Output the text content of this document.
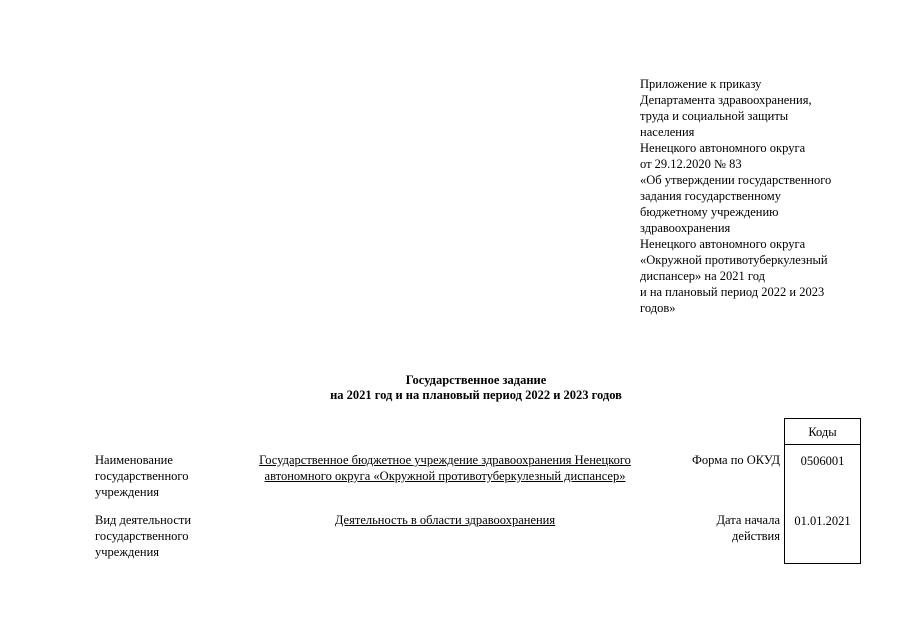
Приложение к приказу
Департамента здравоохранения,
труда и социальной защиты
населения
Ненецкого автономного округа
от 29.12.2020 № 83
«Об утверждении государственного
задания государственному
бюджетному учреждению
здравоохранения
Ненецкого автономного округа
«Окружной противотуберкулезный
диспансер» на 2021 год
и на плановый период 2022 и 2023
годов»
Государственное задание
на 2021 год и на плановый период 2022 и 2023 годов
Наименование
государственного
учреждения
Государственное бюджетное учреждение здравоохранения Ненецкого
автономного округа «Окружной противотуберкулезный диспансер»
Форма по ОКУД
Вид деятельности
государственного
учреждения
Деятельность в области здравоохранения	Дата начала
действия
Коды
0506001
01.01.2021
